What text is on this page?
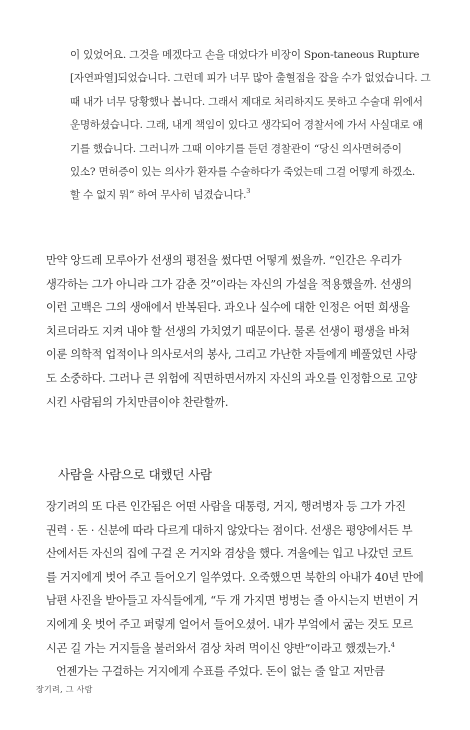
이 있었어요. 그것을 메겠다고 손을 대었다가 비장이 Spon-taneous Rupture
[자연파열]되었습니다. 그런데 피가 너무 많아 출혈점을 잡을 수가 없었습니다. 그
때 내가 너무 당황했나 봅니다. 그래서 제대로 처리하지도 못하고 수술대 위에서
운명하셨습니다. 그래, 내게 책임이 있다고 생각되어 경찰서에 가서 사실대로 얘
기를 했습니다. 그러니까 그때 이야기를 듣던 경찰관이 “당신 의사면허증이
있소? 면허증이 있는 의사가 환자를 수술하다가 죽었는데 그걸 어떻게 하겠소.
할 수 없지 뭐” 하여 무사히 넘겼습니다.$^3$
만약 앙드레 모루아가 선생의 평전을 썼다면 어떻게 썼을까. “인간은 우리가
생각하는 그가 아니라 그가 감춘 것”이라는 자신의 가설을 적용했을까. 선생의
이런 고백은 그의 생애에서 반복된다. 과오나 실수에 대한 인정은 어떤 희생을
치르더라도 지켜 내야 할 선생의 가치였기 때문이다. 물론 선생이 평생을 바쳐
이룬 의학적 업적이나 의사로서의 봉사, 그리고 가난한 자들에게 베풀었던 사랑
도 소중하다. 그러나 큰 위험에 직면하면서까지 자신의 과오를 인정함으로 고양
시킨 사람됨의 가치만큼이야 찬란할까.
사람을 사람으로 대했던 사람
장기려의 또 다른 인간됨은 어떤 사람을 대통령, 거지, 행려병자 등 그가 가진
권력 · 돈 · 신분에 따라 다르게 대하지 않았다는 점이다. 선생은 평양에서든 부
산에서든 자신의 집에 구걸 온 거지와 겸상을 했다. 겨울에는 입고 나갔던 코트
를 거지에게 벗어 주고 들어오기 일쑤였다. 오죽했으면 북한의 아내가 40년 만에
남편 사진을 받아들고 자식들에게, “두 개 가지면 벙벙는 줄 아시는지 번번이 거
지에게 옷 벗어 주고 퍼렇게 얼어서 들어오셨어. 내가 부엌에서 굶는 것도 모르
시곤 길 가는 거지들을 불러와서 겸상 차려 먹이신 양반”이라고 했겠는가.$^4$
언젠가는 구걸하는 거지에게 수표를 주었다. 돈이 없는 줄 알고 저만큼
장기려, 그 사람
